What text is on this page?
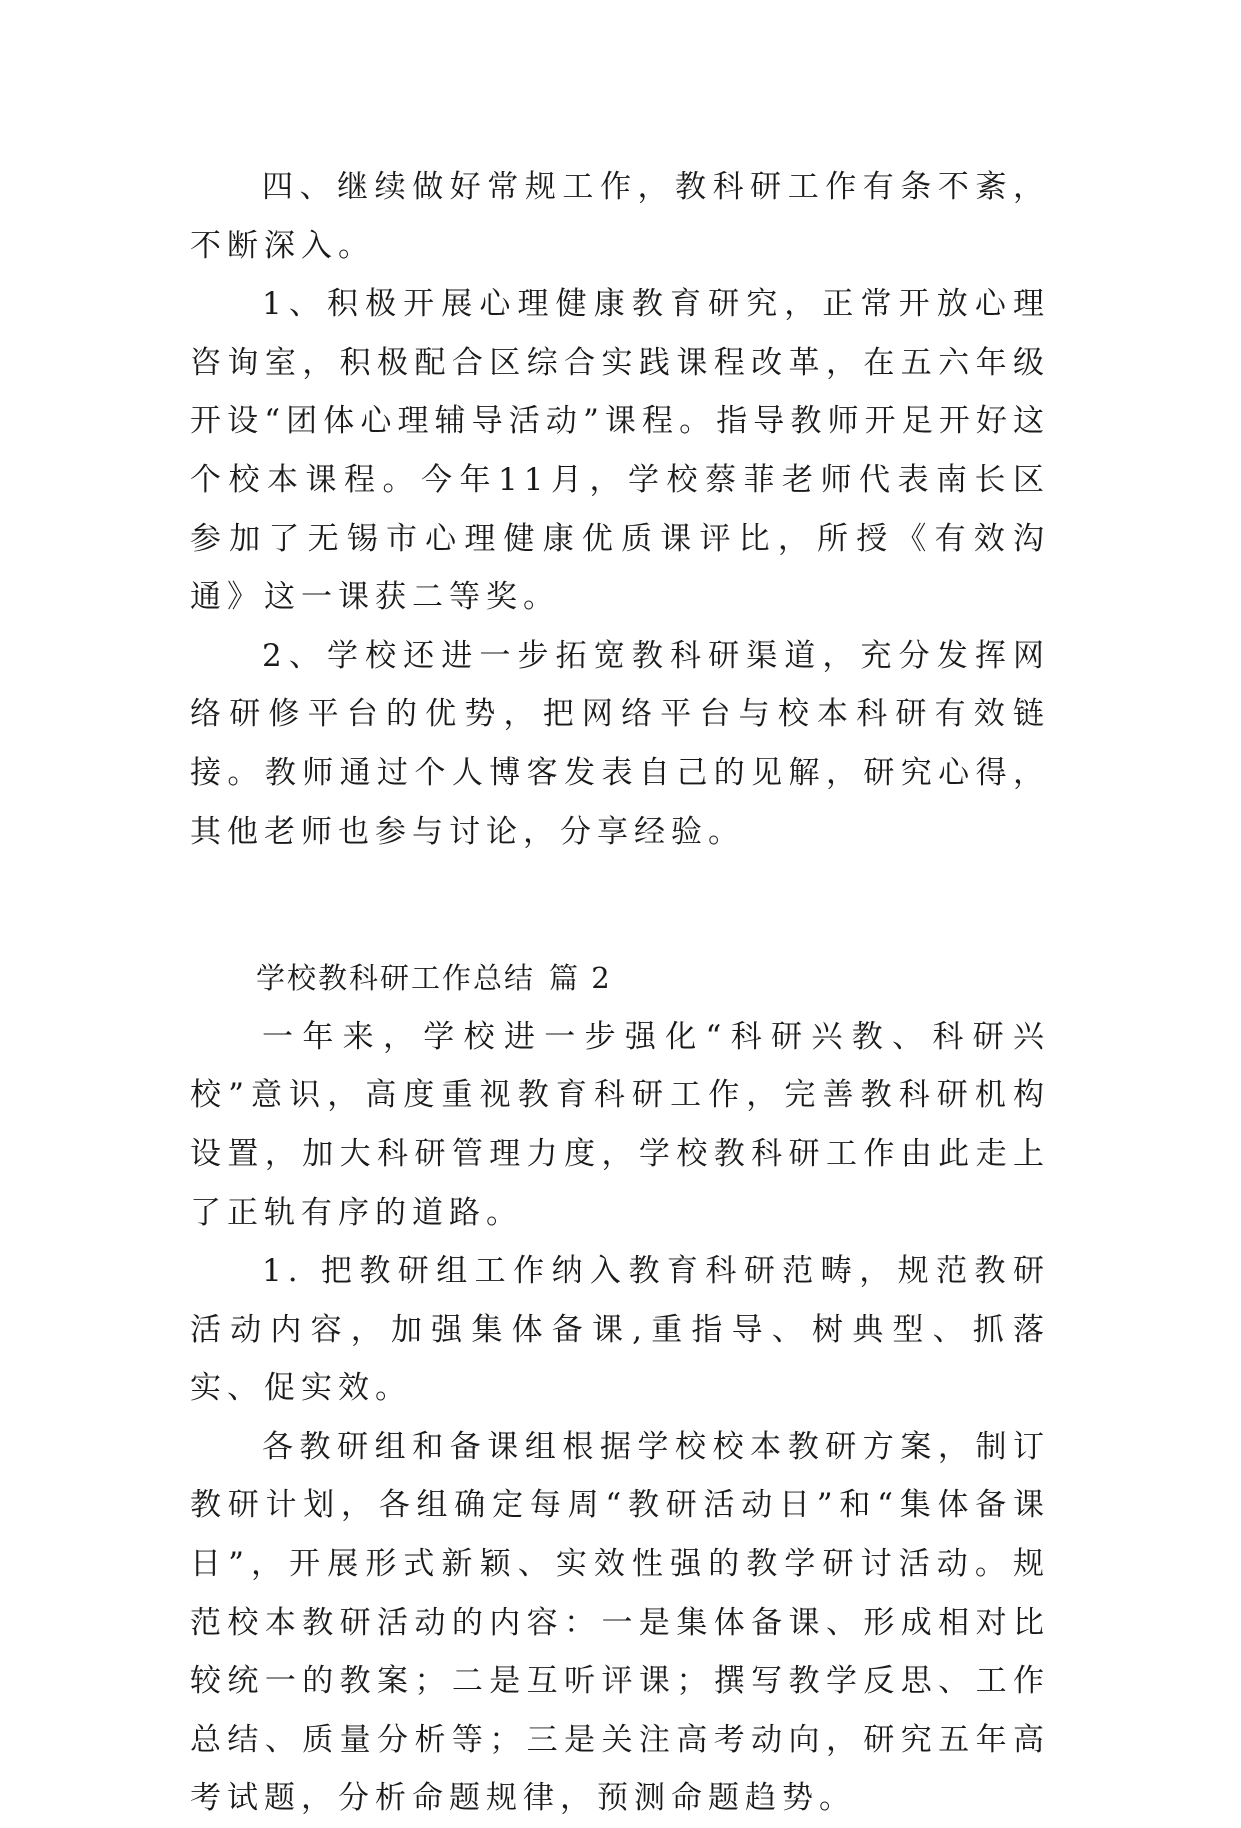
四、继续做好常规工作，教科研工作有条不紊，不断深入。

1、积极开展心理健康教育研究，正常开放心理咨询室，积极配合区综合实践课程改革，在五六年级开设“团体心理辅导活动”课程。指导教师开足开好这个校本课程。今年11月，学校蔡菲老师代表南长区参加了无锡市心理健康优质课评比，所授《有效沟通》这一课获二等奖。

2、学校还进一步拓宽教科研渠道，充分发挥网络研修平台的优势，把网络平台与校本科研有效链接。教师通过个人博客发表自己的见解，研究心得，其他老师也参与讨论，分享经验。

学校教科研工作总结 篇 2

一年来，学校进一步强化“科研兴教、科研兴校”意识，高度重视教育科研工作，完善教科研机构设置，加大科研管理力度，学校教科研工作由此走上了正轨有序的道路。

1. 把教研组工作纳入教育科研范畴，规范教研活动内容，加强集体备课,重指导、树典型、抓落实、促实效。

各教研组和备课组根据学校校本教研方案，制订教研计划，各组确定每周“教研活动日”和“集体备课日”，开展形式新颖、实效性强的教学研讨活动。规范校本教研活动的内容：一是集体备课、形成相对比较统一的教案；二是互听评课；撰写教学反思、工作总结、质量分析等；三是关注高考动向，研究五年高考试题，分析命题规律，预测命题趋势。
